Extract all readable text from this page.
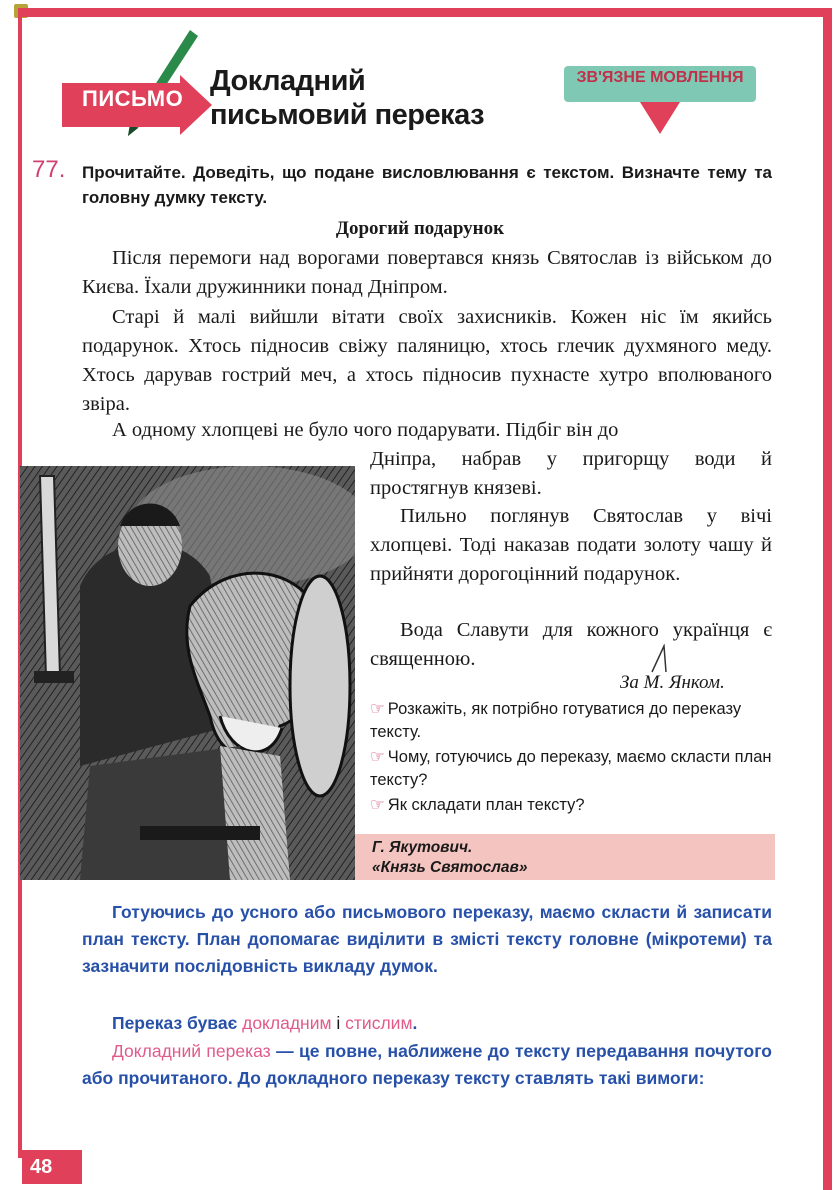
ПИСЬМО
Докладний
письмовий переказ
ЗВ'ЯЗНЕ МОВЛЕННЯ
77. Прочитайте. Доведіть, що подане висловлювання є текстом. Визначте тему та головну думку тексту.
Дорогий подарунок
Після перемоги над ворогами повертався князь Святослав із військом до Києва. Їхали дружинники понад Дніпром.
Старі й малі вийшли вітати своїх захисників. Кожен ніс їм якийсь подарунок. Хтось підносив свіжу паляницю, хтось глечик духмяного меду. Хтось дарував гострий меч, а хтось підносив пухнасте хутро вполюваного звіра.
А одному хлопцеві не було чого подарувати. Підбіг він до
Дніпра, набрав у пригорщу води й простягнув князеві.
Пильно поглянув Святослав у вічі хлопцеві. Тоді наказав подати золоту чашу й прийняти дорогоцінний подарунок.
Вода Славути для кожного українця є священною.
За М. Янком.
☞ Розкажіть, як потрібно готуватися до переказу тексту.
☞ Чому, готуючись до переказу, маємо скласти план тексту?
☞ Як складати план тексту?
Г. Якутович.
«Князь Святослав»
Готуючись до усного або письмового переказу, маємо скласти й записати план тексту. План допомагає виділити в змісті тексту головне (мікротеми) та зазначити послідовність викладу думок.
Переказ буває докладним і стислим.
Докладний переказ — це повне, наближене до тексту передавання почутого або прочитаного. До докладного переказу тексту ставлять такі вимоги:
48
